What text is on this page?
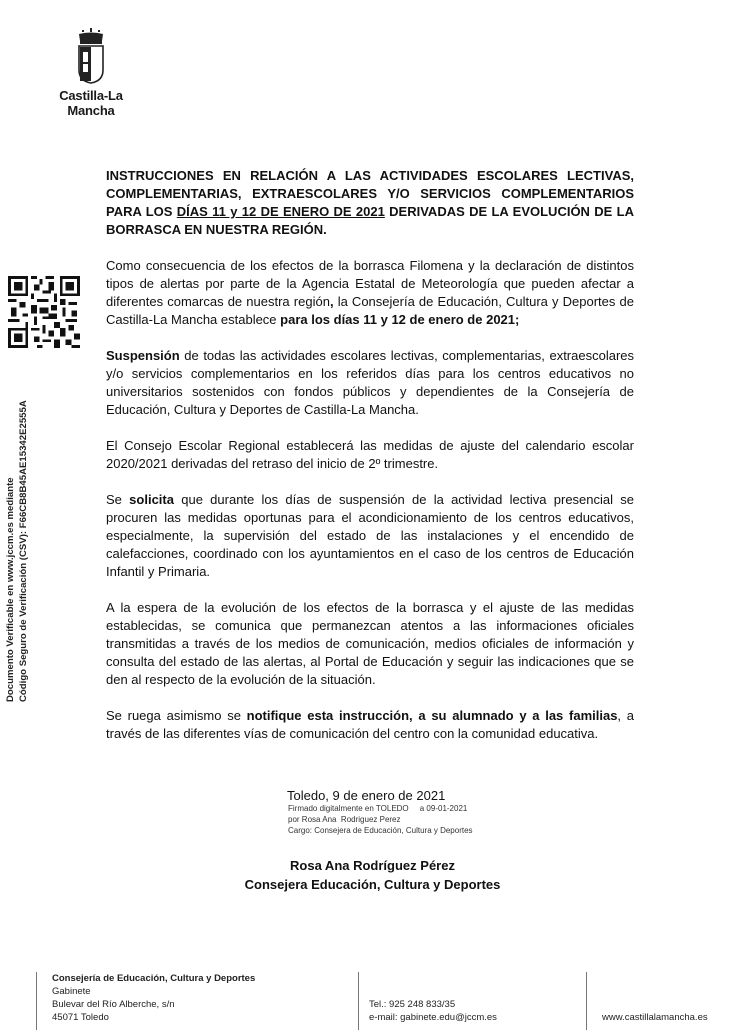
Castilla-La Mancha
Documento Verificable en www.jccm.es mediante Código Seguro de Verificación (CSV): F66CB8B45AE15342E2555A

INSTRUCCIONES EN RELACIÓN A LAS ACTIVIDADES ESCOLARES LECTIVAS, COMPLEMENTARIAS, EXTRAESCOLARES Y/O SERVICIOS COMPLEMENTARIOS PARA LOS DÍAS 11 y 12 DE ENERO DE 2021 DERIVADAS DE LA EVOLUCIÓN DE LA BORRASCA EN NUESTRA REGIÓN.

Como consecuencia de los efectos de la borrasca Filomena y la declaración de distintos tipos de alertas por parte de la Agencia Estatal de Meteorología que pueden afectar a diferentes comarcas de nuestra región, la Consejería de Educación, Cultura y Deportes de Castilla-La Mancha establece para los días 11 y 12 de enero de 2021;

Suspensión de todas las actividades escolares lectivas, complementarias, extraescolares y/o servicios complementarios en los referidos días para los centros educativos no universitarios sostenidos con fondos públicos y dependientes de la Consejería de Educación, Cultura y Deportes de Castilla-La Mancha.

El Consejo Escolar Regional establecerá las medidas de ajuste del calendario escolar 2020/2021 derivadas del retraso del inicio de 2º trimestre.

Se solicita que durante los días de suspensión de la actividad lectiva presencial se procuren las medidas oportunas para el acondicionamiento de los centros educativos, especialmente, la supervisión del estado de las instalaciones y el encendido de calefacciones, coordinado con los ayuntamientos en el caso de los centros de Educación Infantil y Primaria.

A la espera de la evolución de los efectos de la borrasca y el ajuste de las medidas establecidas, se comunica que permanezcan atentos a las informaciones oficiales transmitidas a través de los medios de comunicación, medios oficiales de información y consulta del estado de las alertas, al Portal de Educación y seguir las indicaciones que se den al respecto de la evolución de la situación.

Se ruega asimismo se notifique esta instrucción, a su alumnado y a las familias, a través de las diferentes vías de comunicación del centro con la comunidad educativa.

Toledo, 9 de enero de 2021
Firmado digitalmente en TOLEDO     a 09-01-2021
por Rosa Ana  Rodriguez Perez
Cargo: Consejera de Educación, Cultura y Deportes
Rosa Ana Rodríguez Pérez
Consejera Educación, Cultura y Deportes
Consejería de Educación, Cultura y Deportes
Gabinete
Bulevar del Río Alberche, s/n
45071 Toledo
Tel.: 925 248 833/35
e-mail: gabinete.edu@jccm.es	www.castillalamancha.es
